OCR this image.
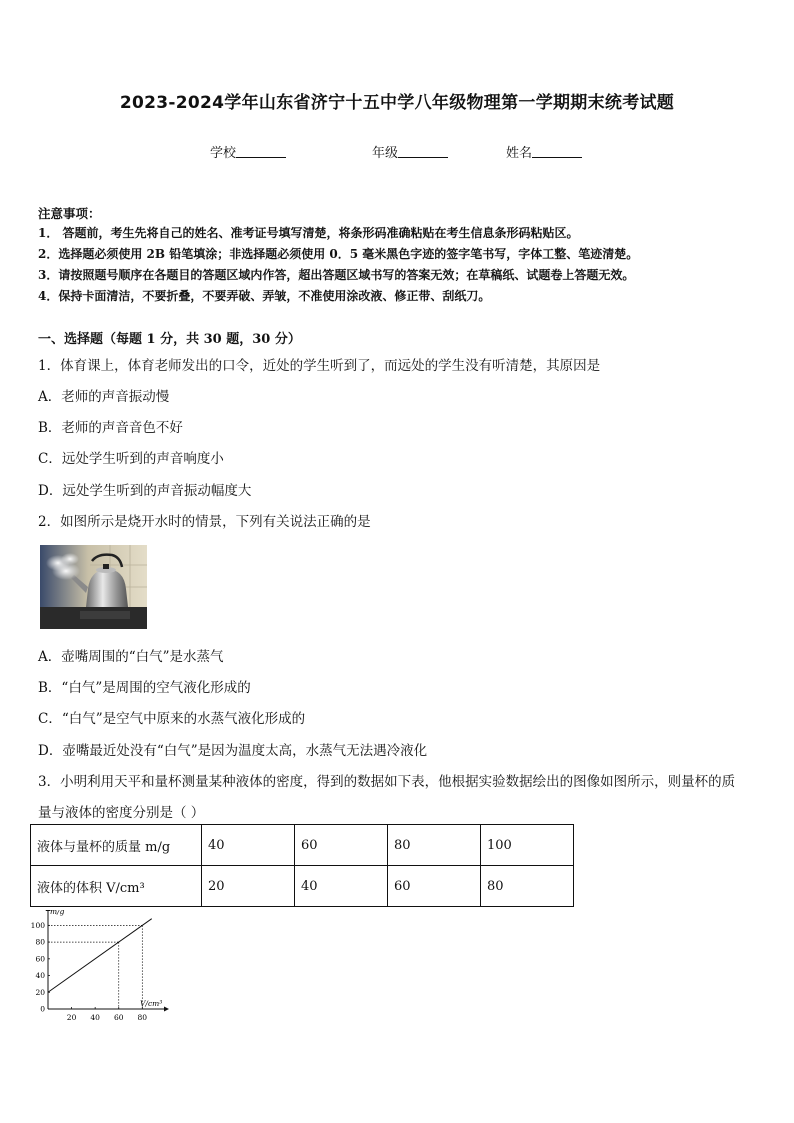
2023-2024学年山东省济宁十五中学八年级物理第一学期期末统考试题
学校	年级	姓名
注意事项：
1． 答题前，考生先将自己的姓名、准考证号填写清楚，将条形码准确粘贴在考生信息条形码粘贴区。
2．选择题必须使用 2B 铅笔填涂；非选择题必须使用 0．5 毫米黑色字迹的签字笔书写，字体工整、笔迹清楚。
3．请按照题号顺序在各题目的答题区域内作答，超出答题区域书写的答案无效；在草稿纸、试题卷上答题无效。
4．保持卡面清洁，不要折叠，不要弄破、弄皱，不准使用涂改液、修正带、刮纸刀。
一、选择题（每题 1 分，共 30 题，30 分）
1．体育课上，体育老师发出的口令，近处的学生听到了，而远处的学生没有听清楚，其原因是
A．老师的声音振动慢
B．老师的声音音色不好
C．远处学生听到的声音响度小
D．远处学生听到的声音振动幅度大
2．如图所示是烧开水时的情景，下列有关说法正确的是
A．壶嘴周围的“白气”是水蒸气
B．“白气”是周围的空气液化形成的
C．“白气”是空气中原来的水蒸气液化形成的
D．壶嘴最近处没有“白气”是因为温度太高，水蒸气无法遇冷液化
3．小明利用天平和量杯测量某种液体的密度，得到的数据如下表，他根据实验数据绘出的图像如图所示，则量杯的质
量与液体的密度分别是（ ）
液体与量杯的质量 m/g	40	60	80	100
液体的体积 V/cm³	20	40	60	80
m/g
V/cm³
20 40 60 80
0
20
40
60
80
100
